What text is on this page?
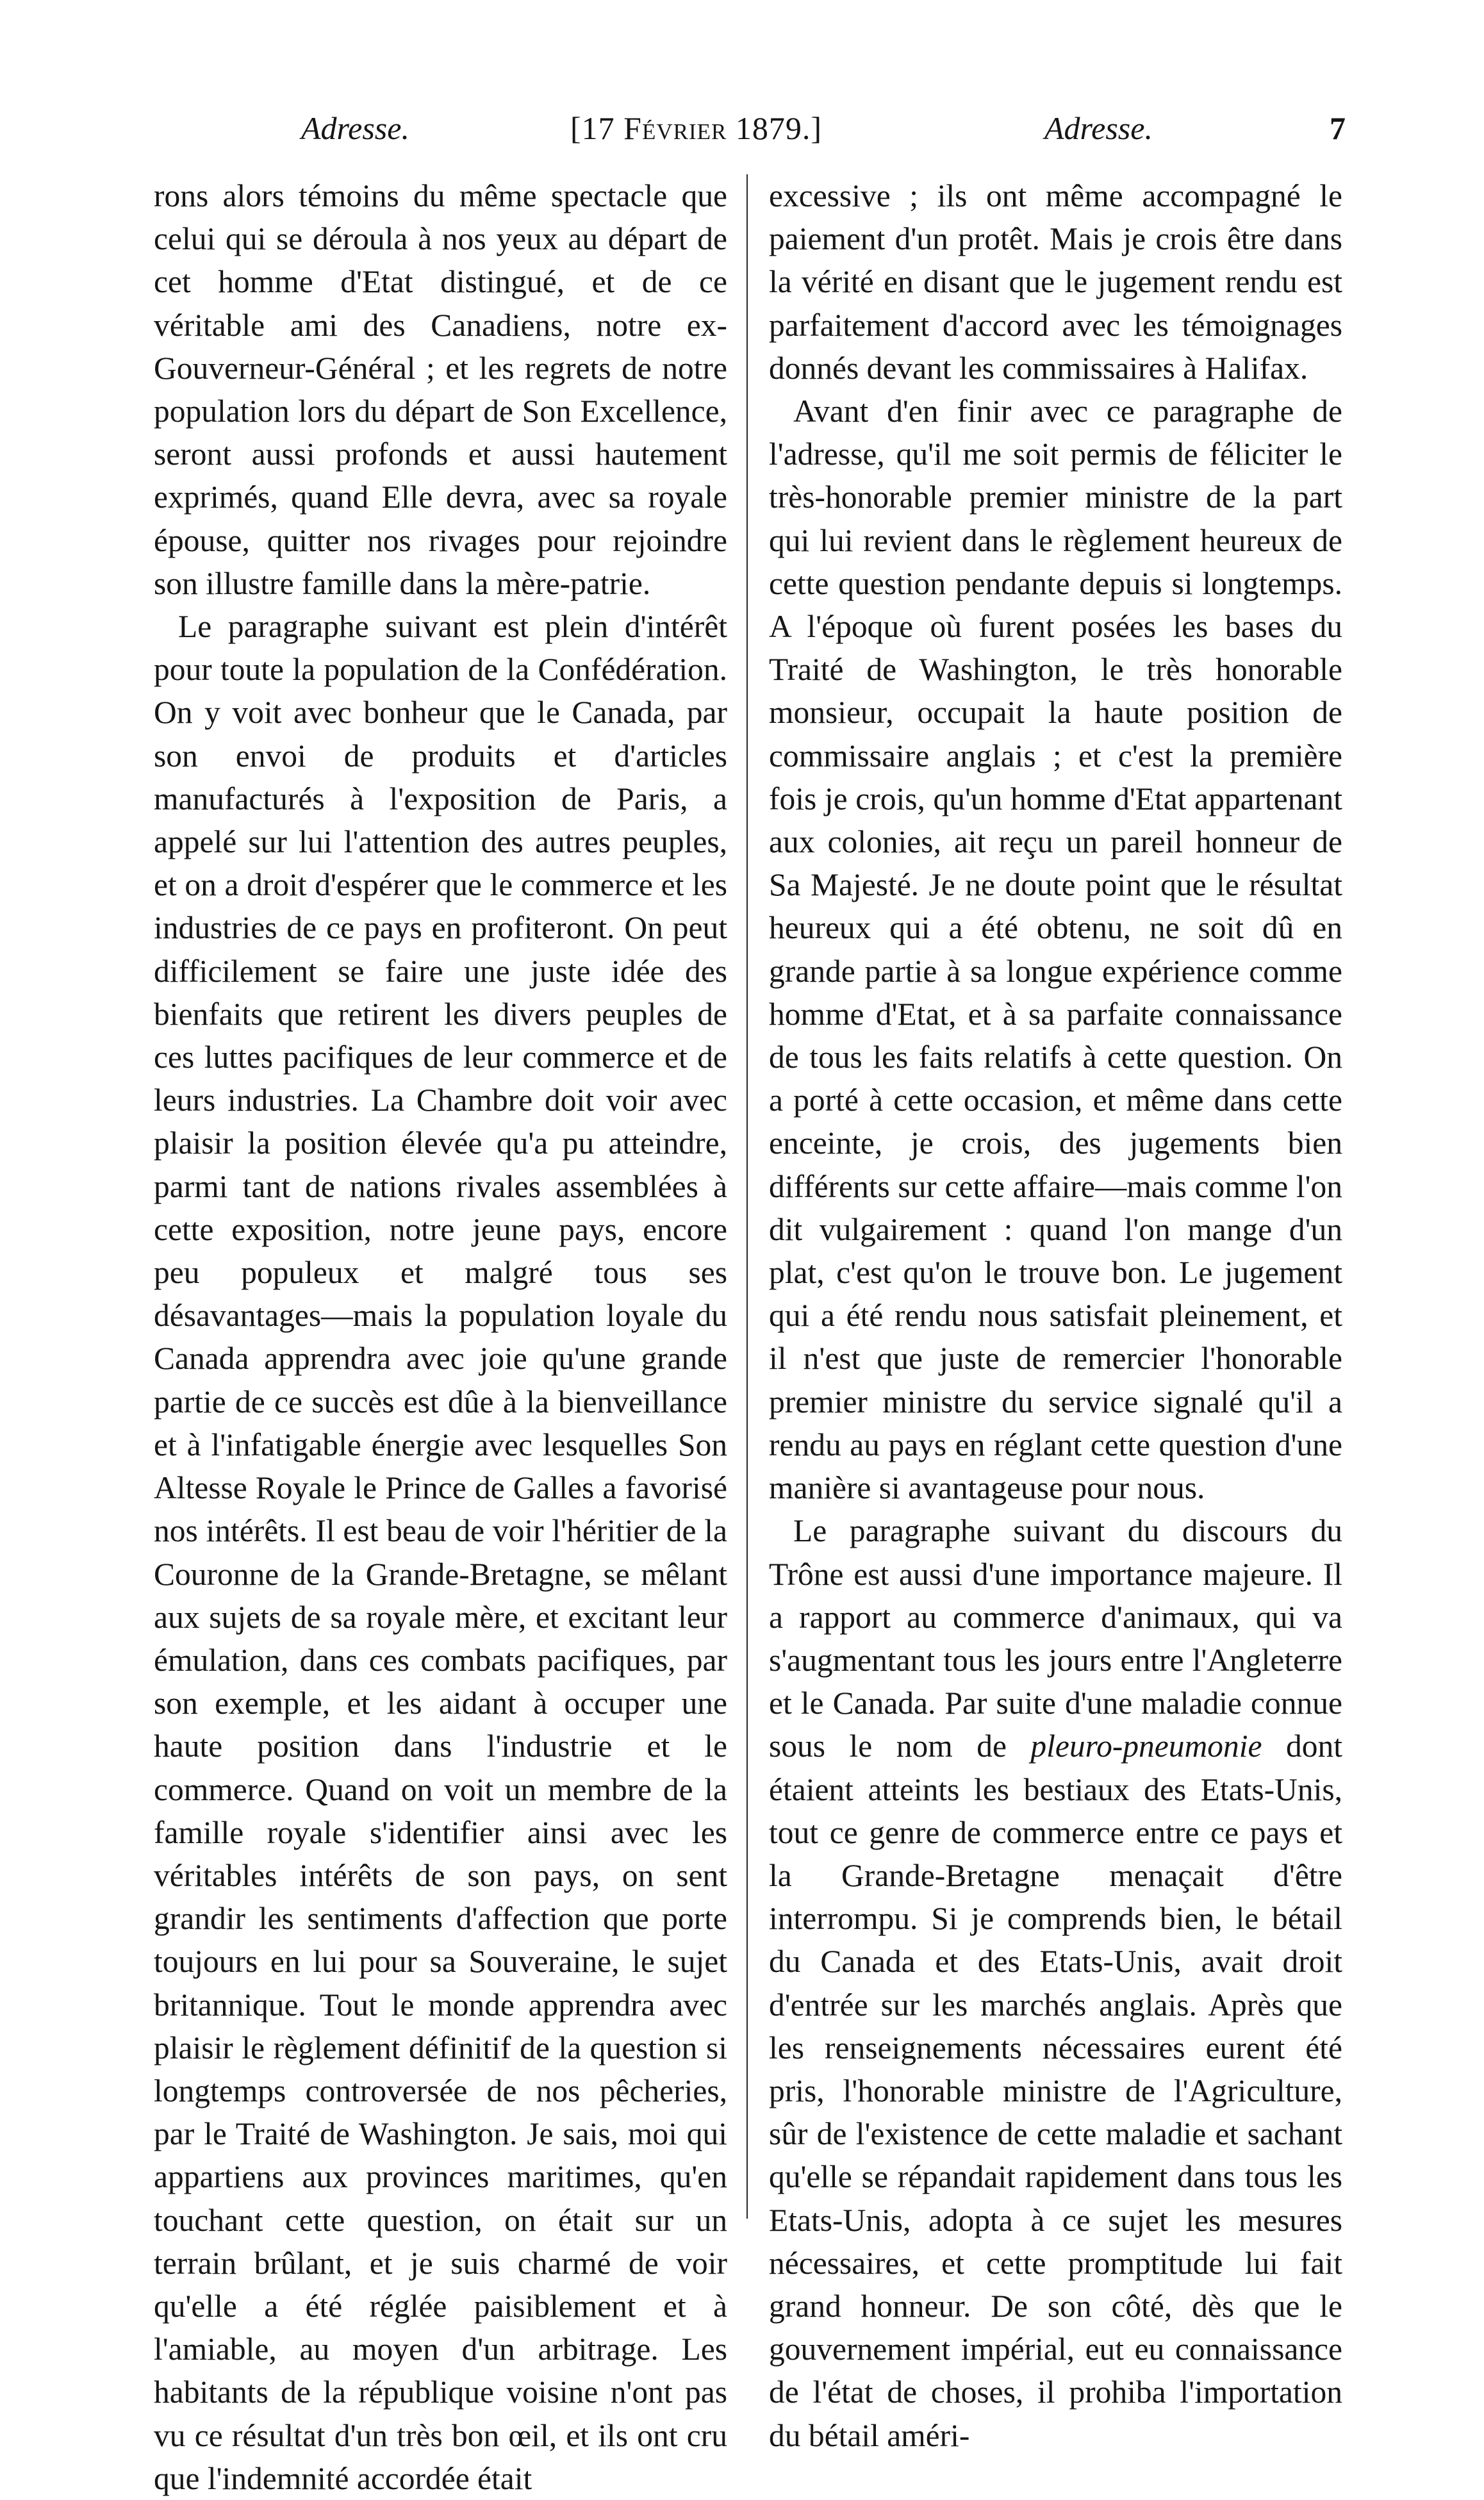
Adresse.	[17 Février 1879.]	Adresse.	7

rons alors témoins du même spectacle que celui qui se déroula à nos yeux au départ de cet homme d'Etat distingué, et de ce véritable ami des Canadiens, notre ex-Gouverneur-Général ; et les regrets de notre population lors du départ de Son Excellence, seront aussi profonds et aussi hautement exprimés, quand Elle devra, avec sa royale épouse, quitter nos rivages pour rejoindre son illustre famille dans la mère-patrie.

Le paragraphe suivant est plein d'intérêt pour toute la population de la Confédération. On y voit avec bonheur que le Canada, par son envoi de produits et d'articles manufacturés à l'exposition de Paris, a appelé sur lui l'attention des autres peuples, et on a droit d'espérer que le commerce et les industries de ce pays en profiteront. On peut difficilement se faire une juste idée des bienfaits que retirent les divers peuples de ces luttes pacifiques de leur commerce et de leurs industries. La Chambre doit voir avec plaisir la position élevée qu'a pu atteindre, parmi tant de nations rivales assemblées à cette exposition, notre jeune pays, encore peu populeux et malgré tous ses désavantages—mais la population loyale du Canada apprendra avec joie qu'une grande partie de ce succès est dûe à la bienveillance et à l'infatigable énergie avec lesquelles Son Altesse Royale le Prince de Galles a favorisé nos intérêts. Il est beau de voir l'héritier de la Couronne de la Grande-Bretagne, se mêlant aux sujets de sa royale mère, et excitant leur émulation, dans ces combats pacifiques, par son exemple, et les aidant à occuper une haute position dans l'industrie et le commerce. Quand on voit un membre de la famille royale s'identifier ainsi avec les véritables intérêts de son pays, on sent grandir les sentiments d'affection que porte toujours en lui pour sa Souveraine, le sujet britannique. Tout le monde apprendra avec plaisir le règlement définitif de la question si longtemps controversée de nos pêcheries, par le Traité de Washington. Je sais, moi qui appartiens aux provinces maritimes, qu'en touchant cette question, on était sur un terrain brûlant, et je suis charmé de voir qu'elle a été réglée paisiblement et à l'amiable, au moyen d'un arbitrage. Les habitants de la république voisine n'ont pas vu ce résultat d'un très bon œil, et ils ont cru que l'indemnité accordée était

excessive ; ils ont même accompagné le paiement d'un protêt. Mais je crois être dans la vérité en disant que le jugement rendu est parfaitement d'accord avec les témoignages donnés devant les commissaires à Halifax.

Avant d'en finir avec ce paragraphe de l'adresse, qu'il me soit permis de féliciter le très-honorable premier ministre de la part qui lui revient dans le règlement heureux de cette question pendante depuis si longtemps. A l'époque où furent posées les bases du Traité de Washington, le très honorable monsieur, occupait la haute position de commissaire anglais ; et c'est la première fois je crois, qu'un homme d'Etat appartenant aux colonies, ait reçu un pareil honneur de Sa Majesté. Je ne doute point que le résultat heureux qui a été obtenu, ne soit dû en grande partie à sa longue expérience comme homme d'Etat, et à sa parfaite connaissance de tous les faits relatifs à cette question. On a porté à cette occasion, et même dans cette enceinte, je crois, des jugements bien différents sur cette affaire—mais comme l'on dit vulgairement : quand l'on mange d'un plat, c'est qu'on le trouve bon. Le jugement qui a été rendu nous satisfait pleinement, et il n'est que juste de remercier l'honorable premier ministre du service signalé qu'il a rendu au pays en réglant cette question d'une manière si avantageuse pour nous.

Le paragraphe suivant du discours du Trône est aussi d'une importance majeure. Il a rapport au commerce d'animaux, qui va s'augmentant tous les jours entre l'Angleterre et le Canada. Par suite d'une maladie connue sous le nom de pleuro-pneumonie dont étaient atteints les bestiaux des Etats-Unis, tout ce genre de commerce entre ce pays et la Grande-Bretagne menaçait d'être interrompu. Si je comprends bien, le bétail du Canada et des Etats-Unis, avait droit d'entrée sur les marchés anglais. Après que les renseignements nécessaires eurent été pris, l'honorable ministre de l'Agriculture, sûr de l'existence de cette maladie et sachant qu'elle se répandait rapidement dans tous les Etats-Unis, adopta à ce sujet les mesures nécessaires, et cette promptitude lui fait grand honneur. De son côté, dès que le gouvernement impérial, eut eu connaissance de l'état de choses, il prohiba l'importation du bétail améri-
